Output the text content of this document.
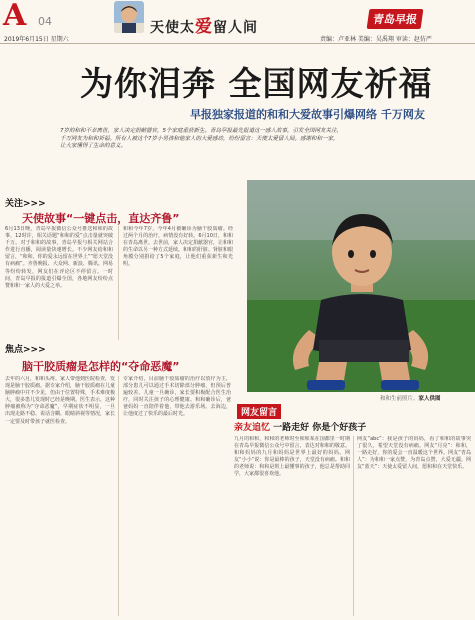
A 04	天使太爱留人间
青岛早报
2019年6月15日 星期六	责编：卢亚林 美编：吴禹翔 审读：赵仿严
为你泪奔 全国网友祈福
早报独家报道的和和大爱故事引爆网络 千万网友
7岁的和和不幸离世，家人决定捐献器官，5个家庭重获新生。青岛早报最先报道这一感人故事，引发全国网友关注，千万网友为和和祈福。所有人被这个7岁小男孩和他家人的大爱感动，纷纷留言：天使太爱留人间。感谢和和一家，让大家懂得了生命的意义。
关注>>>
天使故事“一键点击，直达齐鲁”
6月13日晚，青岛早报微信公众号推送和和的故事，12时许，相关话题“和和的爱”点击量就突破千万。对于和和的故事，青岛早报与相关网站合作进行直播，阅读量快速增长。不少网友给和和留言，“和和，你的爱永远留在世界上”“愿天堂没有病痛”。齐鲁晚报、大众网、新浪、腾讯、网易等纷纷转发，网友们在评论区不停留言。一时间，青岛早报的报道引爆全国，各地网友纷纷点赞和和一家人的大爱之举。
和和今年7岁，今年4月被确诊为脑干胶质瘤。经过两个月的治疗，病情没有好转。6月10日，和和在青岛离世。去世前，家人决定捐献器官，让和和的生命以另一种方式延续。和和的肝脏、肾脏和眼角膜分别捐给了5个家庭，让他们重获新生和光明。
焦点>>>
脑干胶质瘤是怎样的“夺命恶魔”
去年的六月，和和头疼。家人带他到医院检查，发现是脑干胶质瘤。据专家介绍，脑干胶质瘤在儿童脑肿瘤中并不少见，但由于位置特殊，手术难度极大，很多患儿发现时已经是晚期。医生表示，这种肿瘤被称为“夺命恶魔”，早期症状不明显，一旦出现走路不稳、说话含糊、眼睛斜视等情况，家长一定要及时带孩子就医检查。
专家介绍，目前脑干胶质瘤的治疗以放疗为主，部分患儿可以通过手术切除部分肿瘤，但预后普遍较差。儿童一旦确诊，家长要积极配合医生治疗，同时关注孩子的心理健康。和和确诊后，爸爸妈妈一直陪伴着他，带他去游乐场、去海边，让他度过了快乐的最后时光。
和和生前照片。家人供图
网友留言
亲友追忆 一路走好 你是个好孩子
九月的和和，和和的老师时至和和某在国都里一时期在青岛早报微信公众号中留言，表达对和和的敬意。和和妈妈的九月和妈妈是世界上最好的妈妈。网友“小小”说：你是最棒的孩子，天堂没有病痛。和和的老师说：和和是班上最懂事的孩子，他总是帮助同学，大家都很喜欢他。
网友“abc”：我是孩子的妈妈，看了和和的故事哭了很久，希望天堂没有病痛。网友“月亮”：和和，一路走好，你的爱会一直温暖这个世界。网友“青岛人”：为和和一家点赞，为青岛点赞，大爱无疆。网友“蓝天”：天使太爱留人间，愿和和在天堂快乐。
